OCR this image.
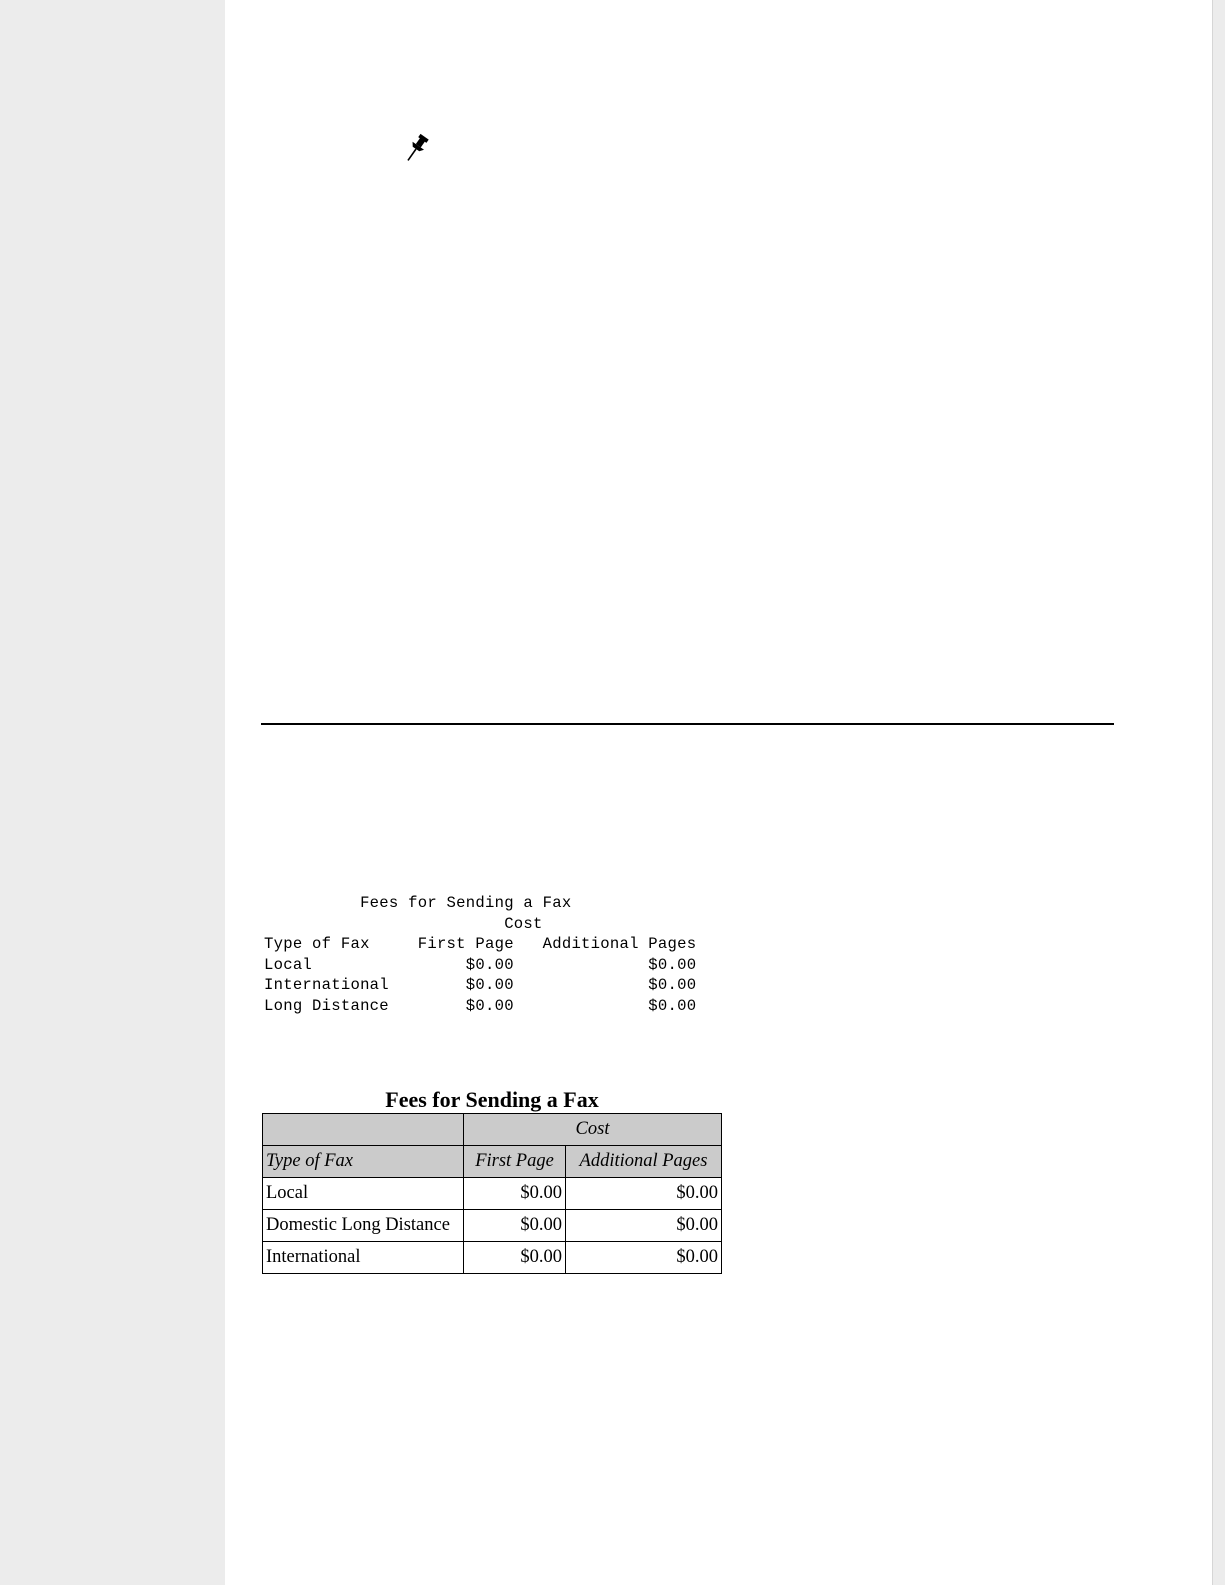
Fees for Sending a Fax
Cost
Type of Fax     First Page   Additional Pages
Local                $0.00              $0.00
International        $0.00              $0.00
Long Distance        $0.00              $0.00
Fees for Sending a Fax
	Cost	
Type of Fax	First Page	Additional Pages
Local	$0.00	$0.00
Domestic Long Distance	$0.00	$0.00
International	$0.00	$0.00
